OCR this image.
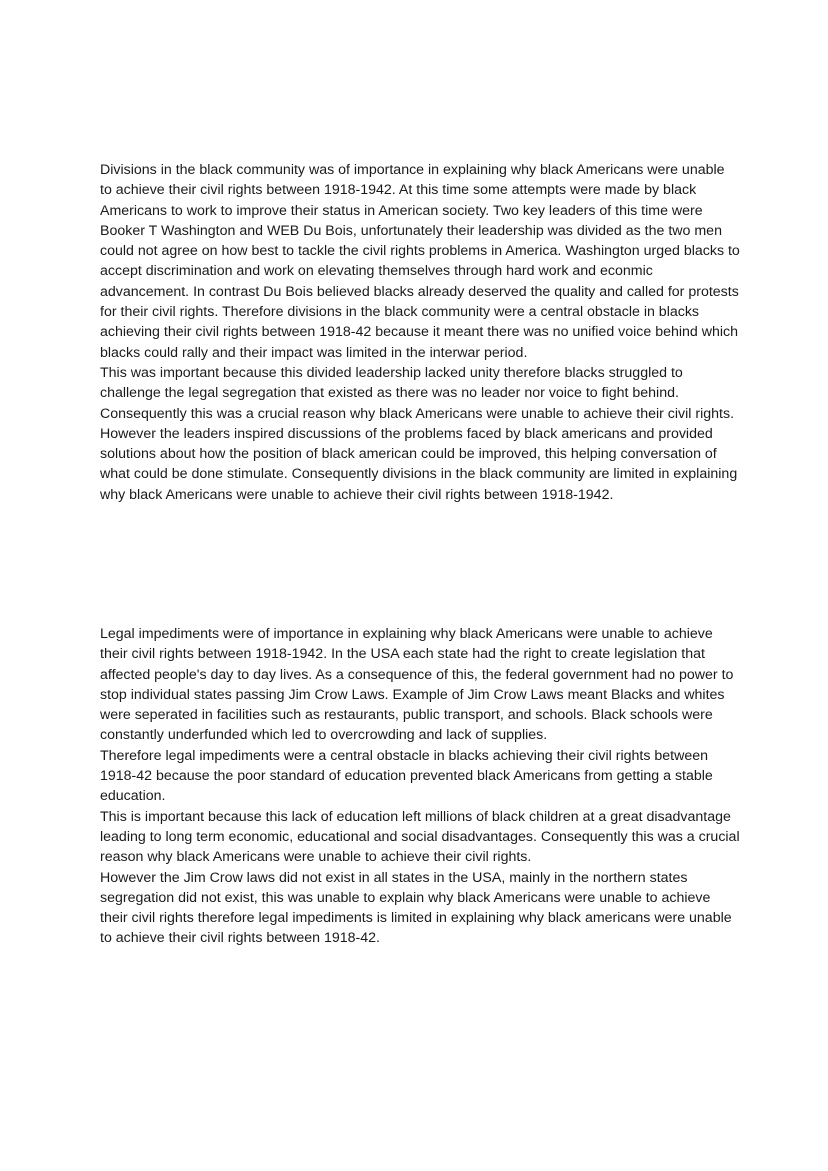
Divisions in the black community was of importance in explaining why black Americans were unable to achieve their civil rights between 1918-1942. At this time some attempts were made by black Americans to work to improve their status in American society. Two key leaders of this time were Booker T Washington and WEB Du Bois, unfortunately their leadership was divided as the two men could not agree on how best to tackle the civil rights problems in America. Washington urged blacks to accept discrimination and work on elevating themselves through hard work and econmic advancement. In contrast Du Bois believed blacks already deserved the quality and called for protests for their civil rights. Therefore divisions in the black community were a central obstacle in blacks achieving their civil rights between 1918-42 because it meant there was no unified voice behind which blacks could rally and their impact was limited in the interwar period.

This was important because this divided leadership lacked unity therefore blacks struggled to challenge the legal segregation that existed as there was no leader nor voice to fight behind. Consequently this was a crucial reason why black Americans were unable to achieve their civil rights.

However the leaders inspired discussions of the problems faced by black americans and provided solutions about how the position of black american could be improved, this helping conversation of what could be done stimulate. Consequently divisions in the black community are limited in explaining why black Americans were unable to achieve their civil rights between 1918-1942.

Legal impediments were of importance in explaining why black Americans were unable to achieve their civil rights between 1918-1942. In the USA each state had the right to create legislation that affected people's day to day lives. As a consequence of this, the federal government had no power to stop individual states passing Jim Crow Laws. Example of Jim Crow Laws meant Blacks and whites were seperated in facilities such as restaurants, public transport, and schools. Black schools were constantly underfunded which led to overcrowding and lack of supplies.

Therefore legal impediments were a central obstacle in blacks achieving their civil rights between 1918-42 because the poor standard of education prevented black Americans from getting a stable education.

This is important because this lack of education left millions of black children at a great disadvantage leading to long term economic, educational and social disadvantages. Consequently this was a crucial reason why black Americans were unable to achieve their civil rights.

However the Jim Crow laws did not exist in all states in the USA, mainly in the northern states segregation did not exist, this was unable to explain why black Americans were unable to achieve their civil rights therefore legal impediments is limited in explaining why black americans were unable to achieve their civil rights between 1918-42.
